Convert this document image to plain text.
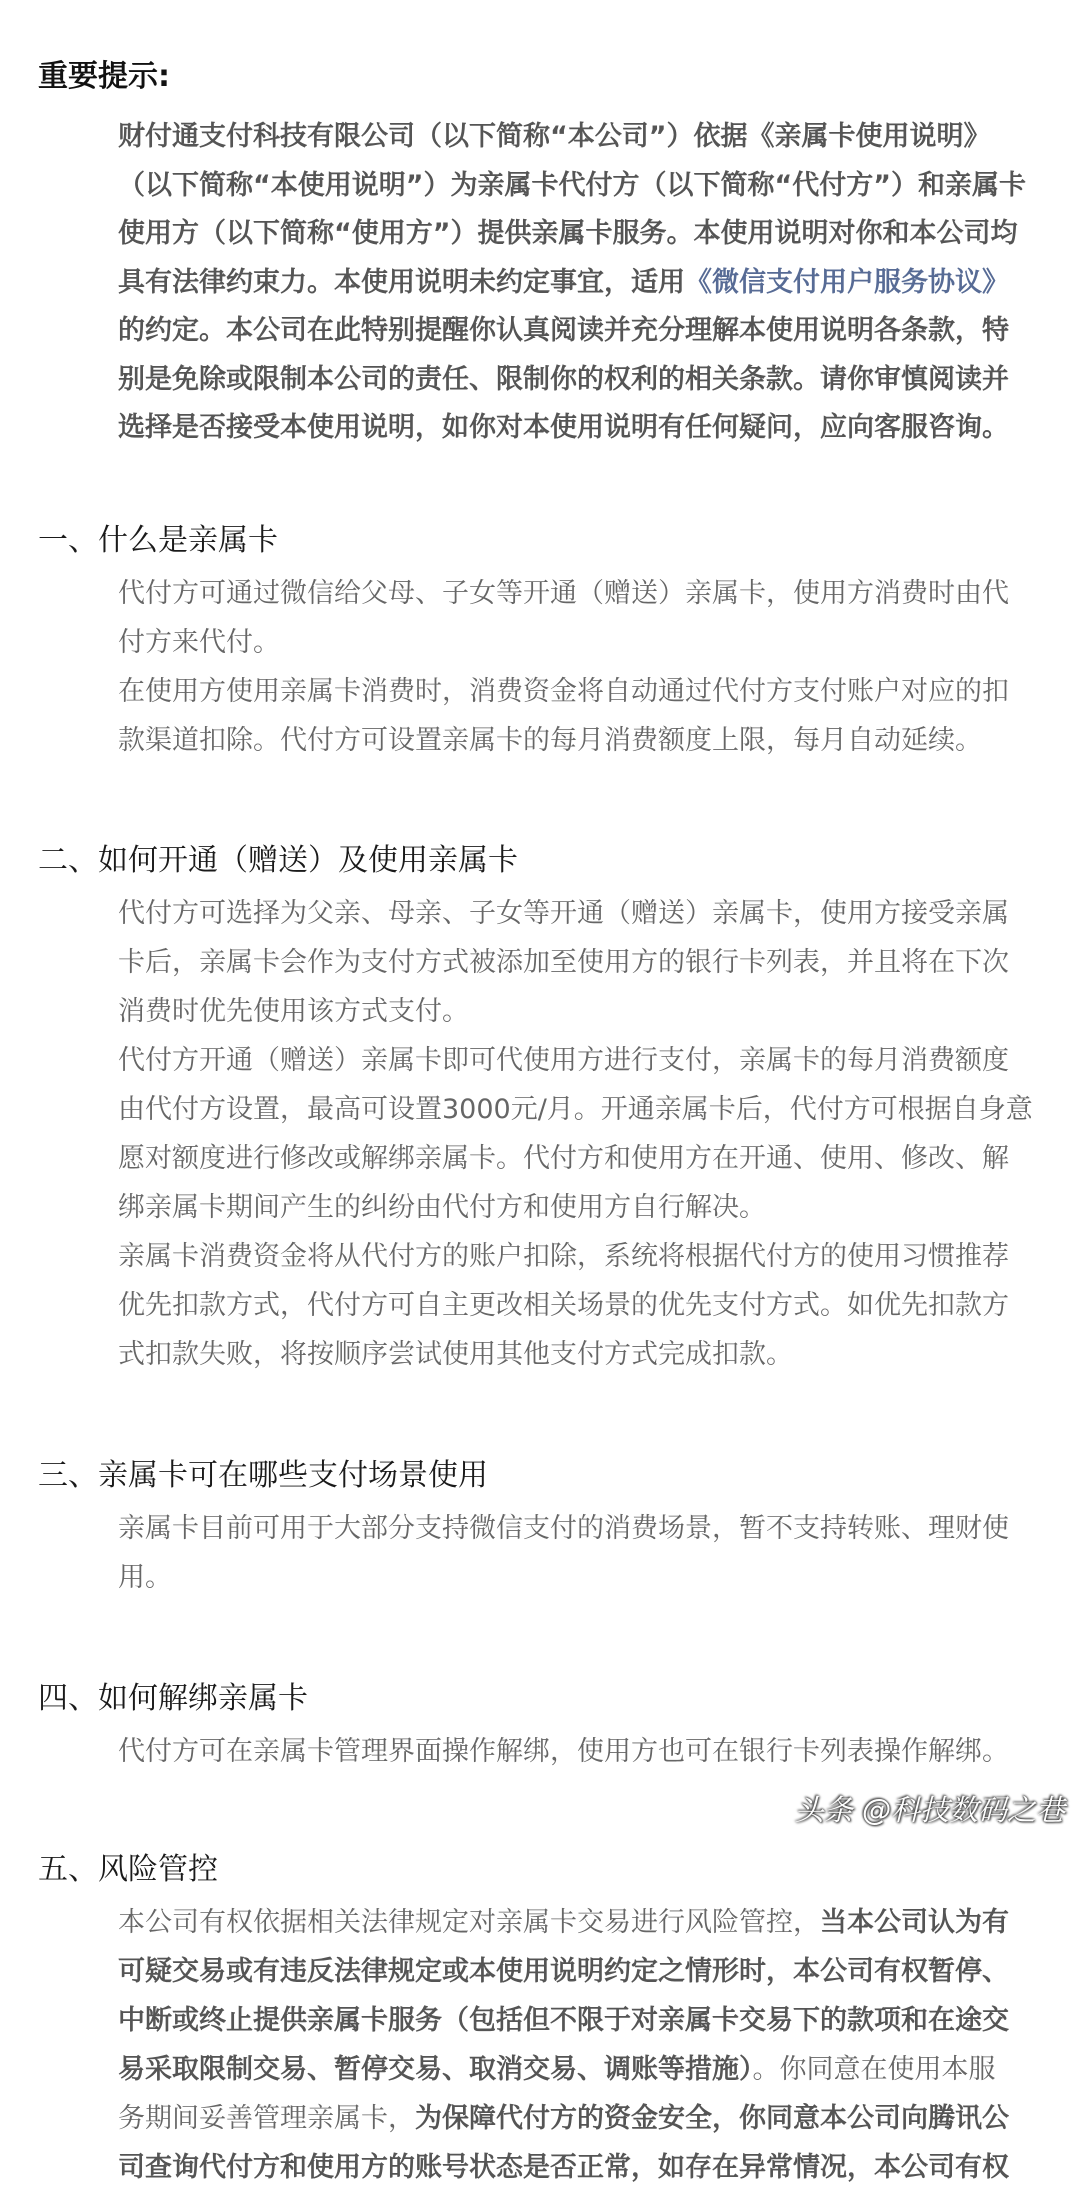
重要提示:
财付通支付科技有限公司（以下简称“本公司”）依据《亲属卡使用说明》
（以下简称“本使用说明”）为亲属卡代付方（以下简称“代付方”）和亲属卡
使用方（以下简称“使用方”）提供亲属卡服务。本使用说明对你和本公司均
具有法律约束力。本使用说明未约定事宜，适用《微信支付用户服务协议》
的约定。本公司在此特别提醒你认真阅读并充分理解本使用说明各条款，特
别是免除或限制本公司的责任、限制你的权利的相关条款。请你审慎阅读并
选择是否接受本使用说明，如你对本使用说明有任何疑问，应向客服咨询。
一、什么是亲属卡
代付方可通过微信给父母、子女等开通（赠送）亲属卡，使用方消费时由代
付方来代付。
在使用方使用亲属卡消费时，消费资金将自动通过代付方支付账户对应的扣
款渠道扣除。代付方可设置亲属卡的每月消费额度上限，每月自动延续。
二、如何开通（赠送）及使用亲属卡
代付方可选择为父亲、母亲、子女等开通（赠送）亲属卡，使用方接受亲属
卡后，亲属卡会作为支付方式被添加至使用方的银行卡列表，并且将在下次
消费时优先使用该方式支付。
代付方开通（赠送）亲属卡即可代使用方进行支付，亲属卡的每月消费额度
由代付方设置，最高可设置3000元/月。开通亲属卡后，代付方可根据自身意
愿对额度进行修改或解绑亲属卡。代付方和使用方在开通、使用、修改、解
绑亲属卡期间产生的纠纷由代付方和使用方自行解决。
亲属卡消费资金将从代付方的账户扣除，系统将根据代付方的使用习惯推荐
优先扣款方式，代付方可自主更改相关场景的优先支付方式。如优先扣款方
式扣款失败，将按顺序尝试使用其他支付方式完成扣款。
三、亲属卡可在哪些支付场景使用
亲属卡目前可用于大部分支持微信支付的消费场景，暂不支持转账、理财使
用。
四、如何解绑亲属卡
代付方可在亲属卡管理界面操作解绑，使用方也可在银行卡列表操作解绑。
五、风险管控
本公司有权依据相关法律规定对亲属卡交易进行风险管控，当本公司认为有
可疑交易或有违反法律规定或本使用说明约定之情形时，本公司有权暂停、
中断或终止提供亲属卡服务（包括但不限于对亲属卡交易下的款项和在途交
易采取限制交易、暂停交易、取消交易、调账等措施）。你同意在使用本服
务期间妥善管理亲属卡，为保障代付方的资金安全，你同意本公司向腾讯公
司查询代付方和使用方的账号状态是否正常，如存在异常情况，本公司有权
头条 @科技数码之巷
